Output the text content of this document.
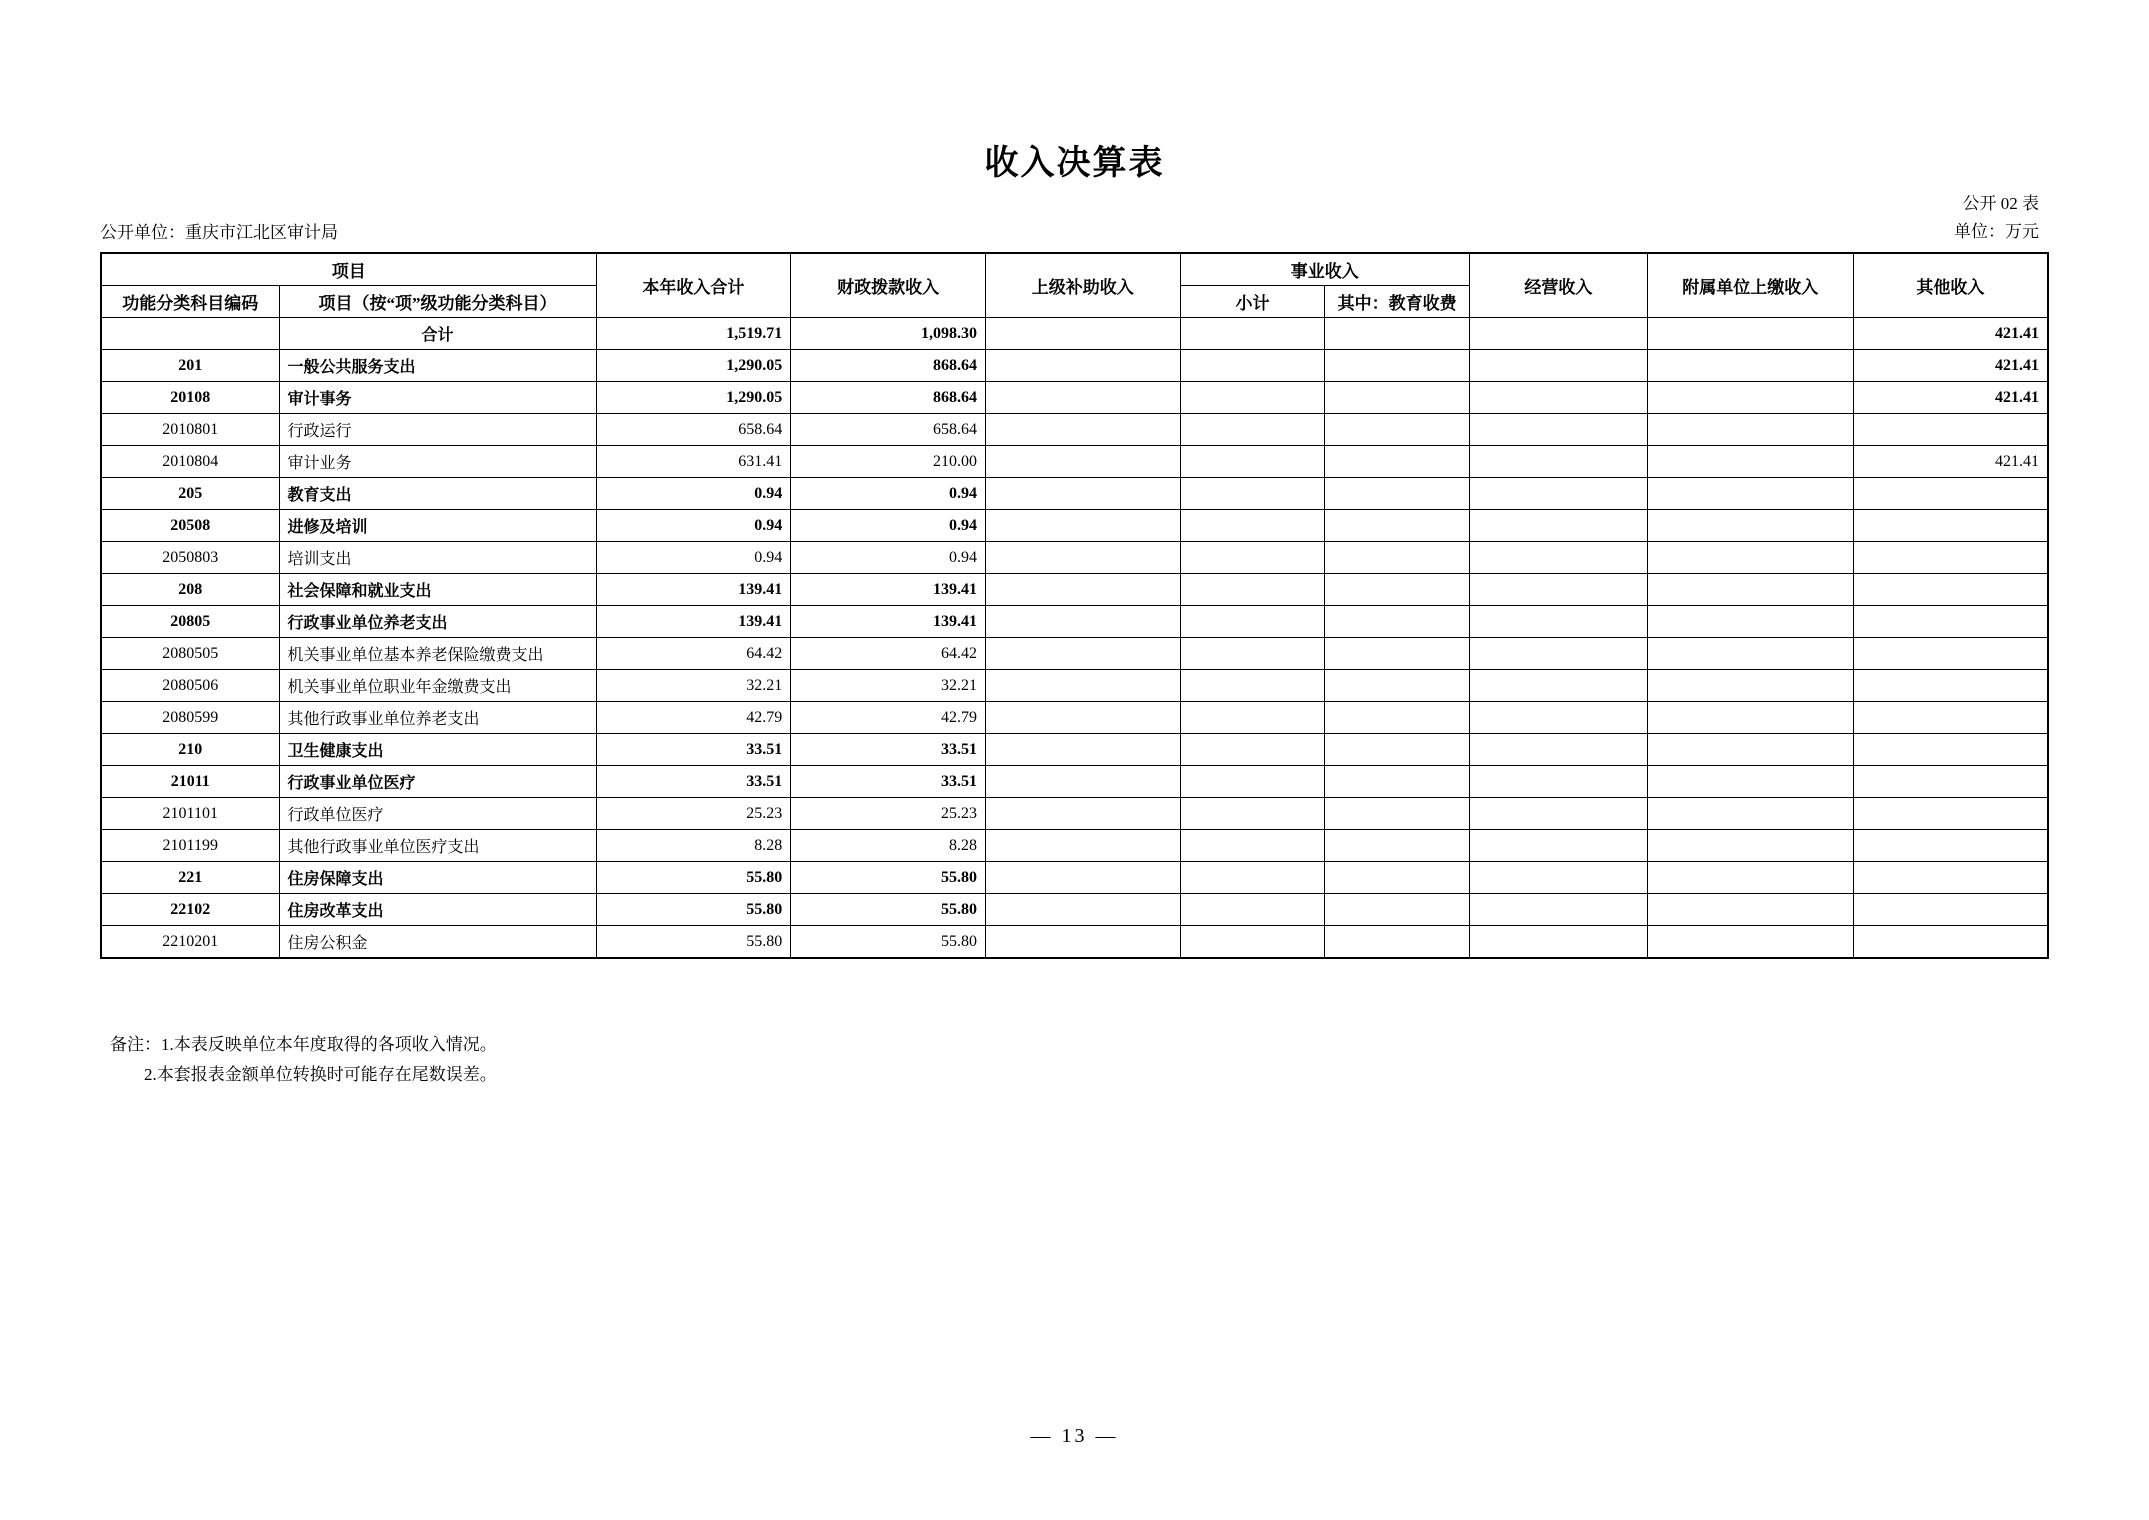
收入决算表
公开 02 表
单位：万元
公开单位：重庆市江北区审计局
项目		本年收入合计	财政拨款收入	上级补助收入	事业收入		经营收入	附属单位上缴收入	其他收入
功能分类科目编码	项目（按“项”级功能分类科目）				小计	其中：教育收费			
	合计	1,519.71	1,098.30						421.41
201	一般公共服务支出	1,290.05	868.64						421.41
20108	审计事务	1,290.05	868.64						421.41
2010801	行政运行	658.64	658.64						
2010804	审计业务	631.41	210.00						421.41
205	教育支出	0.94	0.94						
20508	进修及培训	0.94	0.94						
2050803	培训支出	0.94	0.94						
208	社会保障和就业支出	139.41	139.41						
20805	行政事业单位养老支出	139.41	139.41						
2080505	机关事业单位基本养老保险缴费支出	64.42	64.42						
2080506	机关事业单位职业年金缴费支出	32.21	32.21						
2080599	其他行政事业单位养老支出	42.79	42.79						
210	卫生健康支出	33.51	33.51						
21011	行政事业单位医疗	33.51	33.51						
2101101	行政单位医疗	25.23	25.23						
2101199	其他行政事业单位医疗支出	8.28	8.28						
221	住房保障支出	55.80	55.80						
22102	住房改革支出	55.80	55.80						
2210201	住房公积金	55.80	55.80						
备注：1.本表反映单位本年度取得的各项收入情况。
2.本套报表金额单位转换时可能存在尾数误差。
— 13 —
